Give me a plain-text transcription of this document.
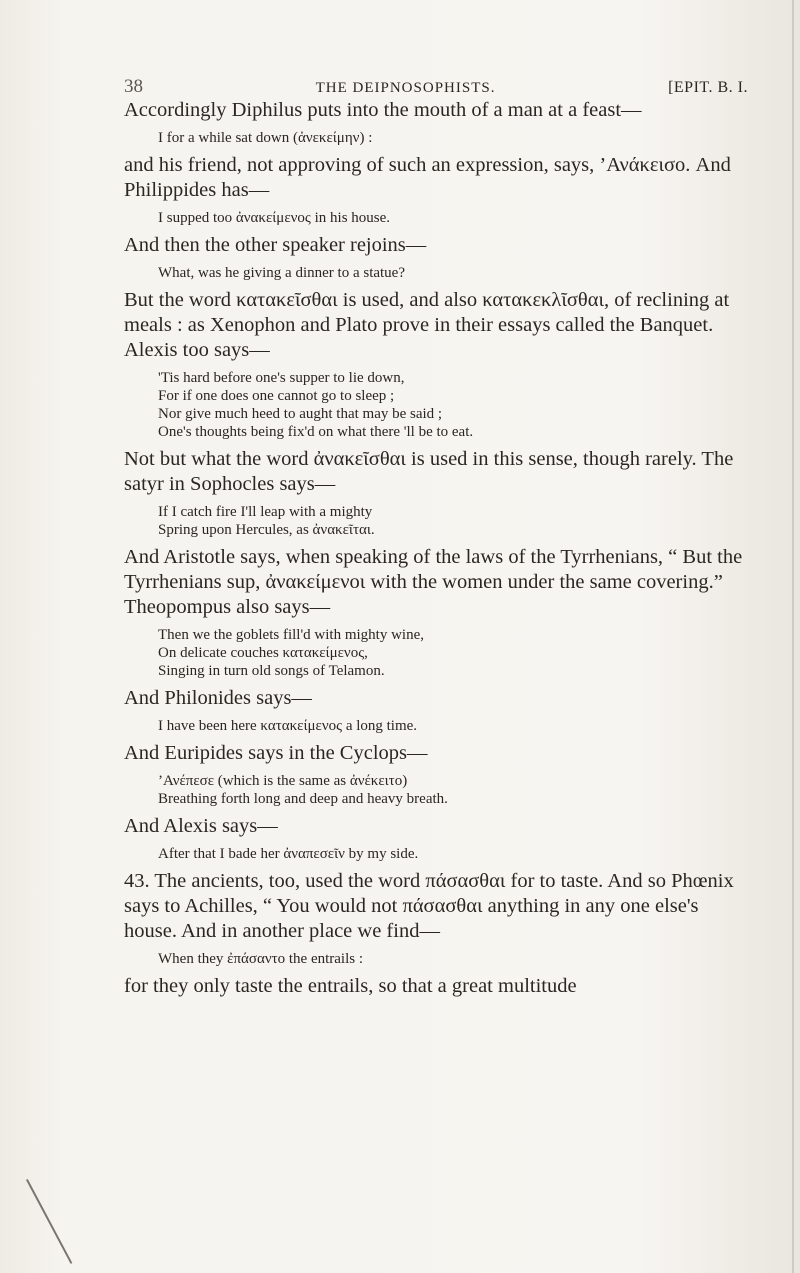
38	THE DEIPNOSOPHISTS.	[EPIT. B. I.

Accordingly Diphilus puts into the mouth of a man at a feast—

I for a while sat down (ἀνεκείμην) :

and his friend, not approving of such an expression, says, ’Ανάκεισο. And Philippides has—

I supped too ἀνακείμενος in his house.

And then the other speaker rejoins—

What, was he giving a dinner to a statue?

But the word κατακεῖσθαι is used, and also κατακεκλῖσθαι, of reclining at meals : as Xenophon and Plato prove in their essays called the Banquet. Alexis too says—

'Tis hard before one's supper to lie down,
For if one does one cannot go to sleep ;
Nor give much heed to aught that may be said ;
One's thoughts being fix'd on what there 'll be to eat.

Not but what the word ἀνακεῖσθαι is used in this sense, though rarely. The satyr in Sophocles says—

If I catch fire I'll leap with a mighty
Spring upon Hercules, as ἀνακεῖται.

And Aristotle says, when speaking of the laws of the Tyrrhenians, “ But the Tyrrhenians sup, ἀνακείμενοι with the women under the same covering.” Theopompus also says—

Then we the goblets fill'd with mighty wine,
On delicate couches κατακείμενος,
Singing in turn old songs of Telamon.

And Philonides says—

I have been here κατακείμενος a long time.

And Euripides says in the Cyclops—

’Ανέπεσε (which is the same as ἀνέκειτο)
Breathing forth long and deep and heavy breath.

And Alexis says—

After that I bade her ἀναπεσεῖν by my side.

43. The ancients, too, used the word πάσασθαι for to taste. And so Phœnix says to Achilles, “ You would not πάσασθαι anything in any one else's house. And in another place we find—

When they ἐπάσαντο the entrails :

for they only taste the entrails, so that a great multitude
